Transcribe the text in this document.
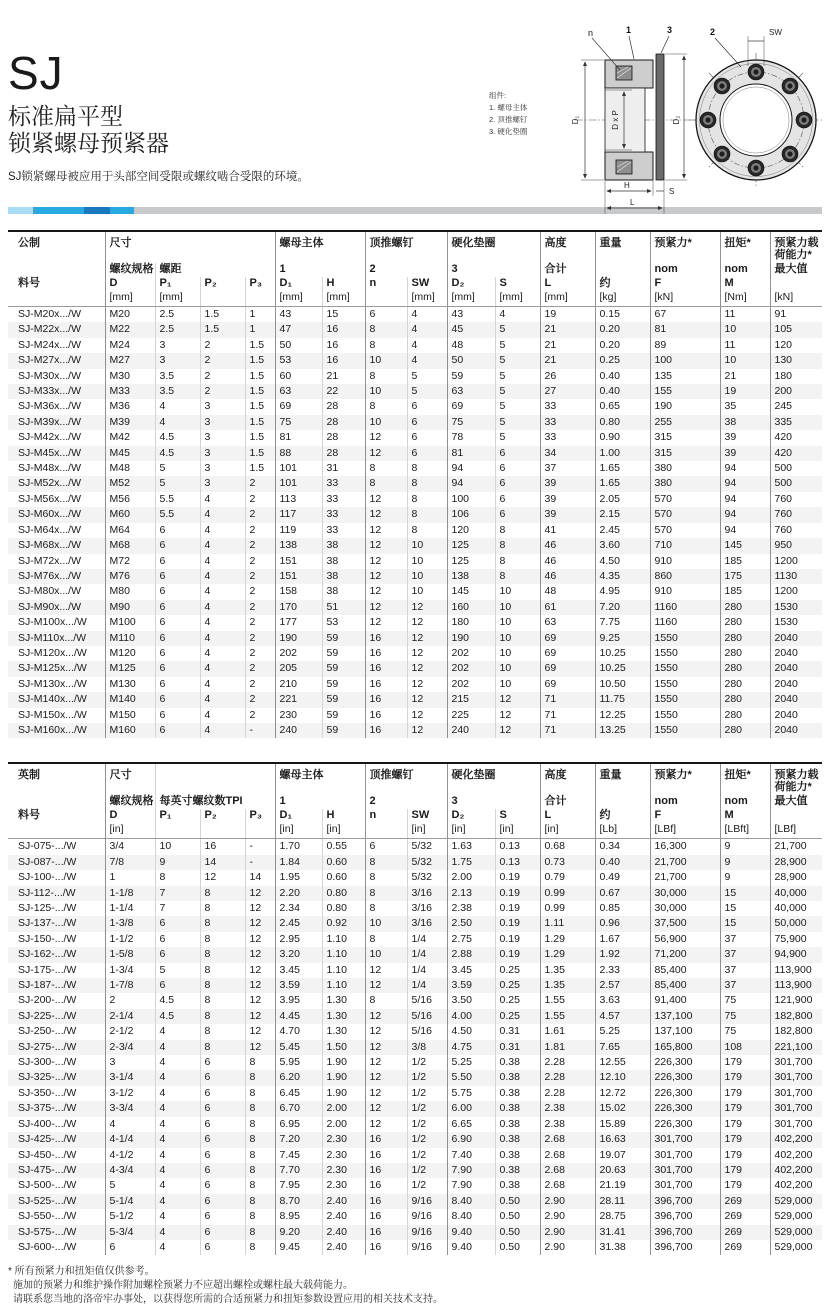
SJ
标准扁平型
锁紧螺母预紧器
SJ锁紧螺母被应用于头部空间受限或螺纹啮合受限的环境。
组件:
1. 螺母主体
2. 顶推螺钉
3. 硬化垫圈
D₁	D x P	D₂
n	1	3
H
S
L
2	SW
公制	尺寸				螺母主体		顶推螺钉		硬化垫圈		高度	重量	预紧力*	扭矩*	预紧力载荷能力*
	螺纹规格	螺距			1		2		3		合计		nom	nom	最大值
料号	D	P₁	P₂	P₃	D₁	H	n	SW	D₂	S	L	约	F	M	
	[mm]	[mm]			[mm]	[mm]		[mm]	[mm]	[mm]	[mm]	[kg]	[kN]	[Nm]	[kN]
SJ-M20x.../W	M20	2.5	1.5	1	43	15	6	4	43	4	19	0.15	67	11	91
SJ-M22x.../W	M22	2.5	1.5	1	47	16	8	4	45	5	21	0.20	81	10	105
SJ-M24x.../W	M24	3	2	1.5	50	16	8	4	48	5	21	0.20	89	11	120
SJ-M27x.../W	M27	3	2	1.5	53	16	10	4	50	5	21	0.25	100	10	130
SJ-M30x.../W	M30	3.5	2	1.5	60	21	8	5	59	5	26	0.40	135	21	180
SJ-M33x.../W	M33	3.5	2	1.5	63	22	10	5	63	5	27	0.40	155	19	200
SJ-M36x.../W	M36	4	3	1.5	69	28	8	6	69	5	33	0.65	190	35	245
SJ-M39x.../W	M39	4	3	1.5	75	28	10	6	75	5	33	0.80	255	38	335
SJ-M42x.../W	M42	4.5	3	1.5	81	28	12	6	78	5	33	0.90	315	39	420
SJ-M45x.../W	M45	4.5	3	1.5	88	28	12	6	81	6	34	1.00	315	39	420
SJ-M48x.../W	M48	5	3	1.5	101	31	8	8	94	6	37	1.65	380	94	500
SJ-M52x.../W	M52	5	3	2	101	33	8	8	94	6	39	1.65	380	94	500
SJ-M56x.../W	M56	5.5	4	2	113	33	12	8	100	6	39	2.05	570	94	760
SJ-M60x.../W	M60	5.5	4	2	117	33	12	8	106	6	39	2.15	570	94	760
SJ-M64x.../W	M64	6	4	2	119	33	12	8	120	8	41	2.45	570	94	760
SJ-M68x.../W	M68	6	4	2	138	38	12	10	125	8	46	3.60	710	145	950
SJ-M72x.../W	M72	6	4	2	151	38	12	10	125	8	46	4.50	910	185	1200
SJ-M76x.../W	M76	6	4	2	151	38	12	10	138	8	46	4.35	860	175	1130
SJ-M80x.../W	M80	6	4	2	158	38	12	10	145	10	48	4.95	910	185	1200
SJ-M90x.../W	M90	6	4	2	170	51	12	12	160	10	61	7.20	1160	280	1530
SJ-M100x.../W	M100	6	4	2	177	53	12	12	180	10	63	7.75	1160	280	1530
SJ-M110x.../W	M110	6	4	2	190	59	16	12	190	10	69	9.25	1550	280	2040
SJ-M120x.../W	M120	6	4	2	202	59	16	12	202	10	69	10.25	1550	280	2040
SJ-M125x.../W	M125	6	4	2	205	59	16	12	202	10	69	10.25	1550	280	2040
SJ-M130x.../W	M130	6	4	2	210	59	16	12	202	10	69	10.50	1550	280	2040
SJ-M140x.../W	M140	6	4	2	221	59	16	12	215	12	71	11.75	1550	280	2040
SJ-M150x.../W	M150	6	4	2	230	59	16	12	225	12	71	12.25	1550	280	2040
SJ-M160x.../W	M160	6	4	-	240	59	16	12	240	12	71	13.25	1550	280	2040
英制	尺寸				螺母主体		顶推螺钉		硬化垫圈		高度	重量	预紧力*	扭矩*	预紧力载荷能力*
	螺纹规格	每英寸螺纹数TPI			1		2		3		合计		nom	nom	最大值
料号	D	P₁	P₂	P₃	D₁	H	n	SW	D₂	S	L	约	F	M	
	[in]				[in]	[in]		[in]	[in]	[in]	[in]	[Lb]	[LBf]	[LBft]	[LBf]
SJ-075-.../W	3/4	10	16	-	1.70	0.55	6	5/32	1.63	0.13	0.68	0.34	16,300	9	21,700
SJ-087-.../W	7/8	9	14	-	1.84	0.60	8	5/32	1.75	0.13	0.73	0.40	21,700	9	28,900
SJ-100-.../W	1	8	12	14	1.95	0.60	8	5/32	2.00	0.19	0.79	0.49	21,700	9	28,900
SJ-112-.../W	1-1/8	7	8	12	2.20	0.80	8	3/16	2.13	0.19	0.99	0.67	30,000	15	40,000
SJ-125-.../W	1-1/4	7	8	12	2.34	0.80	8	3/16	2.38	0.19	0.99	0.85	30,000	15	40,000
SJ-137-.../W	1-3/8	6	8	12	2.45	0.92	10	3/16	2.50	0.19	1.11	0.96	37,500	15	50,000
SJ-150-.../W	1-1/2	6	8	12	2.95	1.10	8	1/4	2.75	0.19	1.29	1.67	56,900	37	75,900
SJ-162-.../W	1-5/8	6	8	12	3.20	1.10	10	1/4	2.88	0.19	1.29	1.92	71,200	37	94,900
SJ-175-.../W	1-3/4	5	8	12	3.45	1.10	12	1/4	3.45	0.25	1.35	2.33	85,400	37	113,900
SJ-187-.../W	1-7/8	6	8	12	3.59	1.10	12	1/4	3.59	0.25	1.35	2.57	85,400	37	113,900
SJ-200-.../W	2	4.5	8	12	3.95	1.30	8	5/16	3.50	0.25	1.55	3.63	91,400	75	121,900
SJ-225-.../W	2-1/4	4.5	8	12	4.45	1.30	12	5/16	4.00	0.25	1.55	4.57	137,100	75	182,800
SJ-250-.../W	2-1/2	4	8	12	4.70	1.30	12	5/16	4.50	0.31	1.61	5.25	137,100	75	182,800
SJ-275-.../W	2-3/4	4	8	12	5.45	1.50	12	3/8	4.75	0.31	1.81	7.65	165,800	108	221,100
SJ-300-.../W	3	4	6	8	5.95	1.90	12	1/2	5.25	0.38	2.28	12.55	226,300	179	301,700
SJ-325-.../W	3-1/4	4	6	8	6.20	1.90	12	1/2	5.50	0.38	2.28	12.10	226,300	179	301,700
SJ-350-.../W	3-1/2	4	6	8	6.45	1.90	12	1/2	5.75	0.38	2.28	12.72	226,300	179	301,700
SJ-375-.../W	3-3/4	4	6	8	6.70	2.00	12	1/2	6.00	0.38	2.38	15.02	226,300	179	301,700
SJ-400-.../W	4	4	6	8	6.95	2.00	12	1/2	6.65	0.38	2.38	15.89	226,300	179	301,700
SJ-425-.../W	4-1/4	4	6	8	7.20	2.30	16	1/2	6.90	0.38	2.68	16.63	301,700	179	402,200
SJ-450-.../W	4-1/2	4	6	8	7.45	2.30	16	1/2	7.40	0.38	2.68	19.07	301,700	179	402,200
SJ-475-.../W	4-3/4	4	6	8	7.70	2.30	16	1/2	7.90	0.38	2.68	20.63	301,700	179	402,200
SJ-500-.../W	5	4	6	8	7.95	2.30	16	1/2	7.90	0.38	2.68	21.19	301,700	179	402,200
SJ-525-.../W	5-1/4	4	6	8	8.70	2.40	16	9/16	8.40	0.50	2.90	28.11	396,700	269	529,000
SJ-550-.../W	5-1/2	4	6	8	8.95	2.40	16	9/16	8.40	0.50	2.90	28.75	396,700	269	529,000
SJ-575-.../W	5-3/4	4	6	8	9.20	2.40	16	9/16	9.40	0.50	2.90	31.41	396,700	269	529,000
SJ-600-.../W	6	4	6	8	9.45	2.40	16	9/16	9.40	0.50	2.90	31.38	396,700	269	529,000
* 所有预紧力和扭矩值仅供参考。
施加的预紧力和维护操作附加螺栓预紧力不应超出螺栓或螺柱最大载荷能力。
请联系您当地的洛帝牢办事处，以获得您所需的合适预紧力和扭矩参数设置应用的相关技术支持。
